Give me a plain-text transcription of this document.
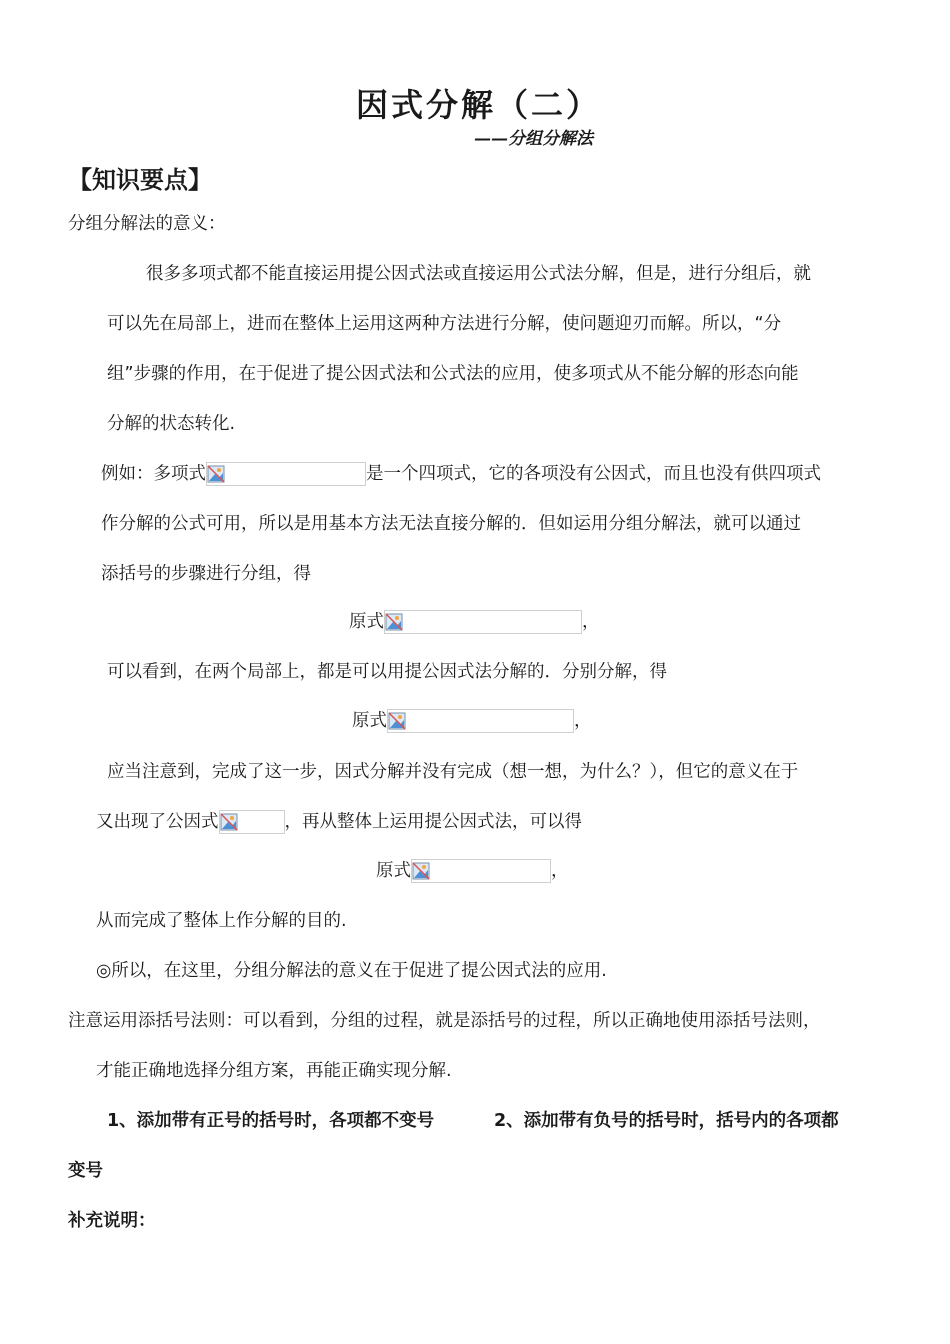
因式分解（二）
——分组分解法
【知识要点】
分组分解法的意义：
很多多项式都不能直接运用提公因式法或直接运用公式法分解，但是，进行分组后，就
可以先在局部上，进而在整体上运用这两种方法进行分解，使问题迎刃而解。所以，“分
组”步骤的作用，在于促进了提公因式法和公式法的应用，使多项式从不能分解的形态向能
分解的状态转化.
例如：多项式	是一个四项式，它的各项没有公因式，而且也没有供四项式
作分解的公式可用，所以是用基本方法无法直接分解的．但如运用分组分解法，就可以通过
添括号的步骤进行分组，得
原式	，
可以看到，在两个局部上，都是可以用提公因式法分解的．分别分解，得
原式	，
应当注意到，完成了这一步，因式分解并没有完成（想一想，为什么？），但它的意义在于
又出现了公因式	，再从整体上运用提公因式法，可以得
原式	，
从而完成了整体上作分解的目的.
◎所以，在这里，分组分解法的意义在于促进了提公因式法的应用.
注意运用添括号法则：可以看到，分组的过程，就是添括号的过程，所以正确地使用添括号法则，
才能正确地选择分组方案，再能正确实现分解.
1、添加带有正号的括号时，各项都不变号	2、添加带有负号的括号时，括号内的各项都
变号
补充说明：
